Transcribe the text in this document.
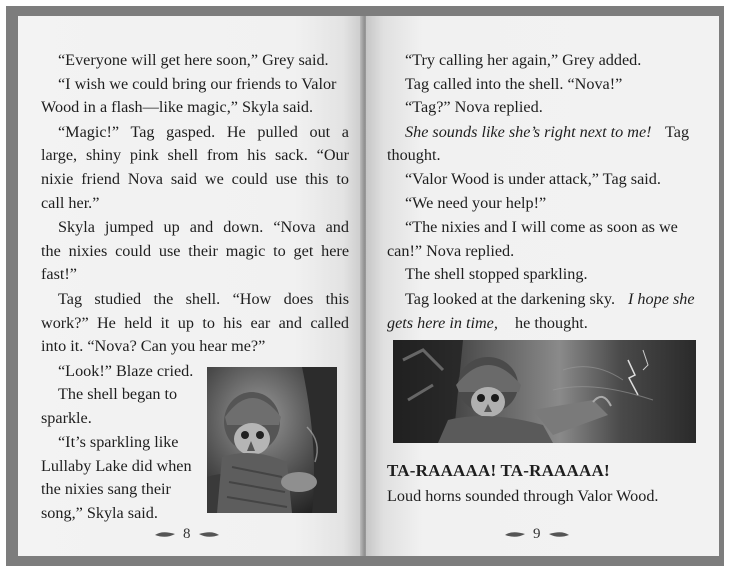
“Everyone will get here soon,” Grey said.

“I wish we could bring our friends to Valor

Wood in a flash—like magic,” Skyla said.

“Magic!” Tag gasped. He pulled out a

large, shiny pink shell from his sack. “Our

nixie friend Nova said we could use this to

call her.”

Skyla jumped up and down. “Nova and

the nixies could use their magic to get here

fast!”

Tag studied the shell. “How does this

work?” He held it up to his ear and called

into it. “Nova? Can you hear me?”

“Look!” Blaze cried.

The shell began to

sparkle.

“It’s sparkling like

Lullaby Lake did when

the nixies sang their

song,” Skyla said.

8

“Try calling her again,” Grey added.

Tag called into the shell. “Nova!”

“Tag?” Nova replied.

She sounds like she’s right next to me! Tag

thought.

“Valor Wood is under attack,” Tag said.

“We need your help!”

“The nixies and I will come as soon as we

can!” Nova replied.

The shell stopped sparkling.

Tag looked at the darkening sky. I hope she

gets here in time, he thought.

TA-RAAAAA! TA-RAAAAA!

Loud horns sounded through Valor Wood.

9
